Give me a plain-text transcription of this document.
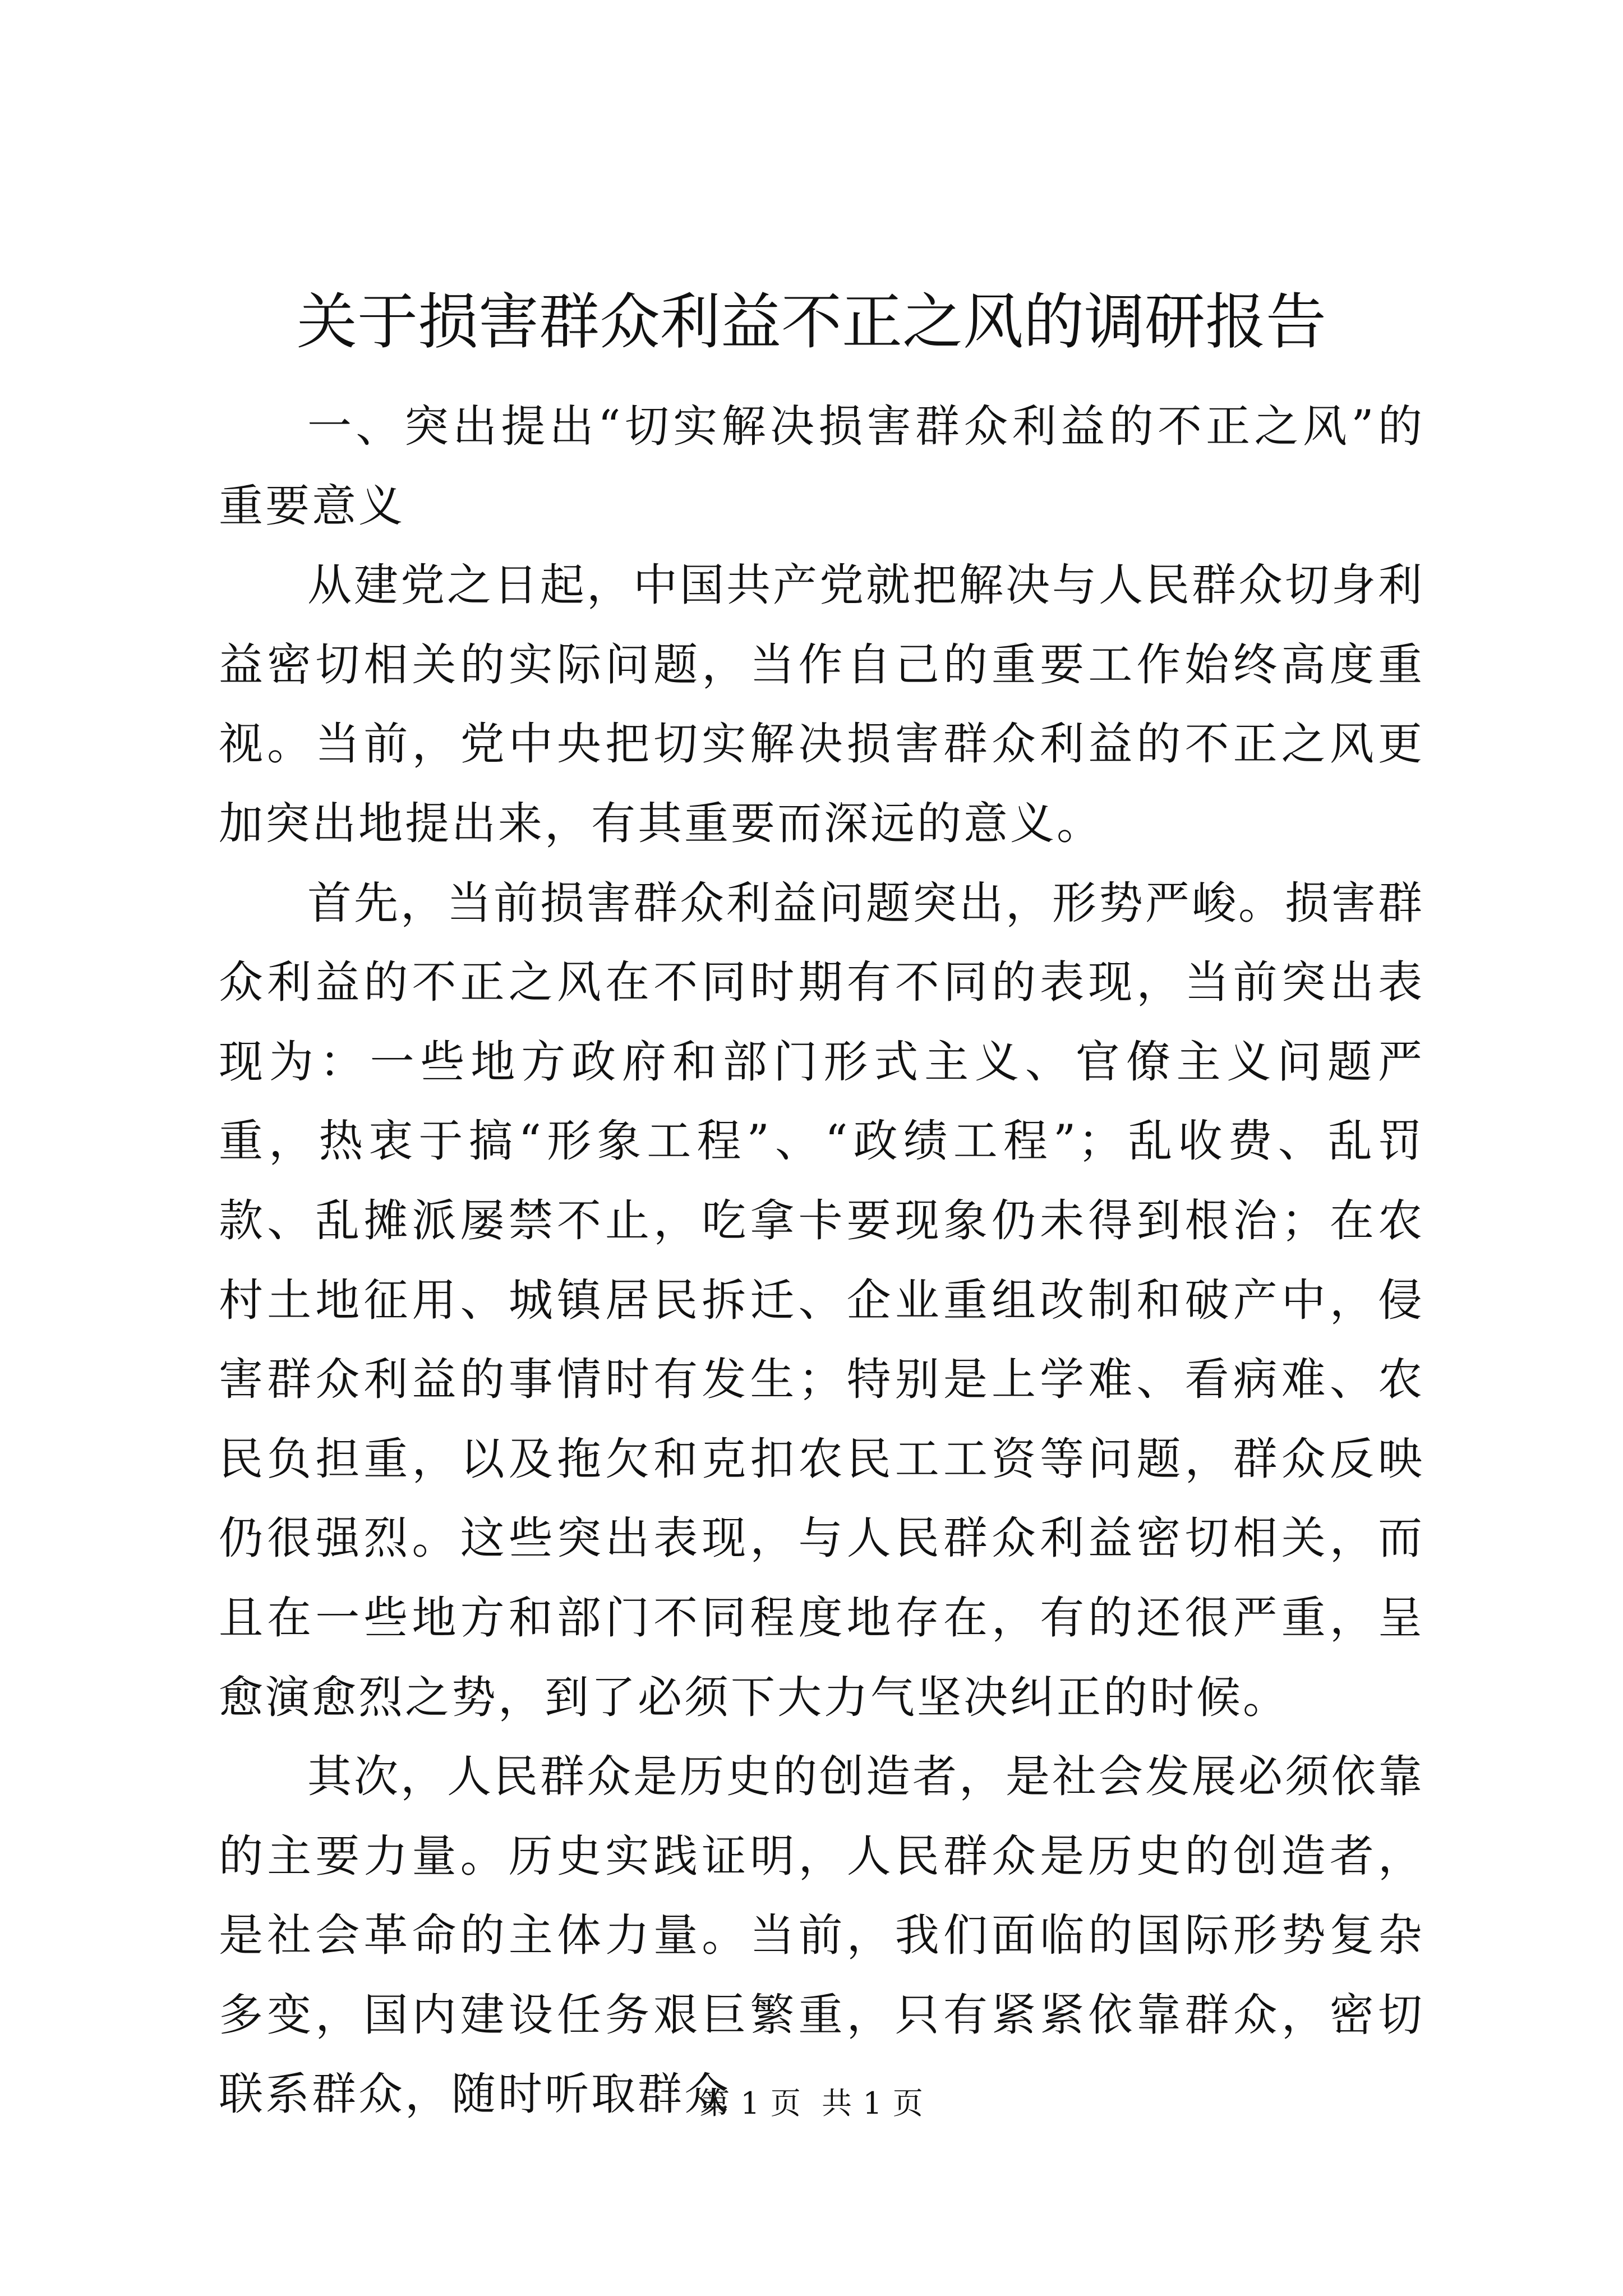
关于损害群众利益不正之风的调研报告

一、突出提出“切实解决损害群众利益的不正之风”的重要意义

从建党之日起，中国共产党就把解决与人民群众切身利益密切相关的实际问题，当作自己的重要工作始终高度重视。当前，党中央把切实解决损害群众利益的不正之风更加突出地提出来，有其重要而深远的意义。

首先，当前损害群众利益问题突出，形势严峻。损害群众利益的不正之风在不同时期有不同的表现，当前突出表现为：一些地方政府和部门形式主义、官僚主义问题严重，热衷于搞“形象工程”、“政绩工程”；乱收费、乱罚款、乱摊派屡禁不止，吃拿卡要现象仍未得到根治；在农村土地征用、城镇居民拆迁、企业重组改制和破产中，侵害群众利益的事情时有发生；特别是上学难、看病难、农民负担重，以及拖欠和克扣农民工工资等问题，群众反映仍很强烈。这些突出表现，与人民群众利益密切相关，而且在一些地方和部门不同程度地存在，有的还很严重，呈愈演愈烈之势，到了必须下大力气坚决纠正的时候。

其次，人民群众是历史的创造者，是社会发展必须依靠的主要力量。历史实践证明，人民群众是历史的创造者，是社会革命的主体力量。当前，我们面临的国际形势复杂多变，国内建设任务艰巨繁重，只有紧紧依靠群众，密切联系群众，随时听取群众

第 1 页  共 1 页
